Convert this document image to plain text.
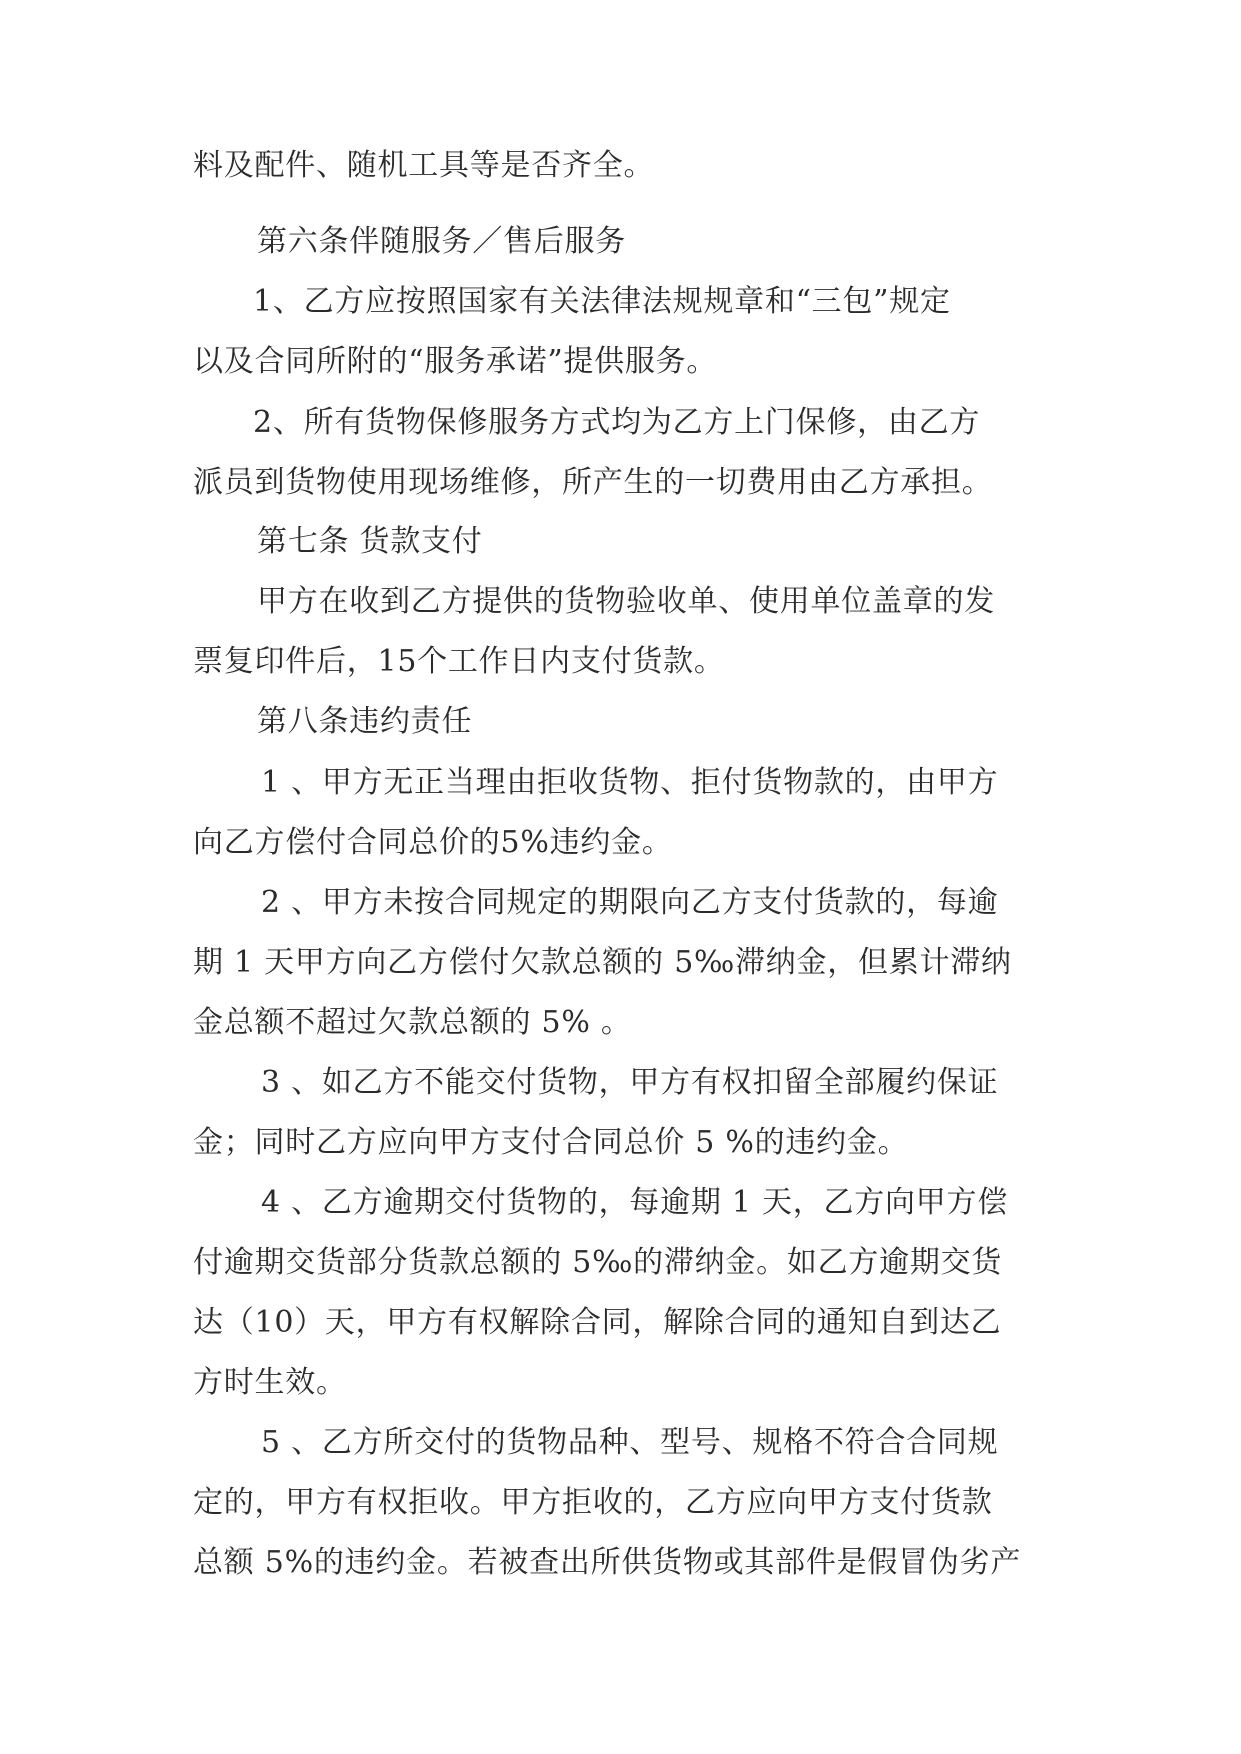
料及配件、随机工具等是否齐全。
第六条伴随服务／售后服务
1、乙方应按照国家有关法律法规规章和“三包”规定
以及合同所附的“服务承诺”提供服务。
2、所有货物保修服务方式均为乙方上门保修，由乙方
派员到货物使用现场维修，所产生的一切费用由乙方承担。
第七条 货款支付
甲方在收到乙方提供的货物验收单、使用单位盖章的发
票复印件后，15个工作日内支付货款。
第八条违约责任
1 、甲方无正当理由拒收货物、拒付货物款的，由甲方
向乙方偿付合同总价的5%违约金。
2 、甲方未按合同规定的期限向乙方支付货款的，每逾
期 1 天甲方向乙方偿付欠款总额的 5‰滞纳金，但累计滞纳
金总额不超过欠款总额的 5% 。
3 、如乙方不能交付货物，甲方有权扣留全部履约保证
金；同时乙方应向甲方支付合同总价 5 %的违约金。
4 、乙方逾期交付货物的，每逾期 1 天，乙方向甲方偿
付逾期交货部分货款总额的 5‰的滞纳金。如乙方逾期交货
达（10）天，甲方有权解除合同，解除合同的通知自到达乙
方时生效。
5 、乙方所交付的货物品种、型号、规格不符合合同规
定的，甲方有权拒收。甲方拒收的，乙方应向甲方支付货款
总额 5%的违约金。若被查出所供货物或其部件是假冒伪劣产
